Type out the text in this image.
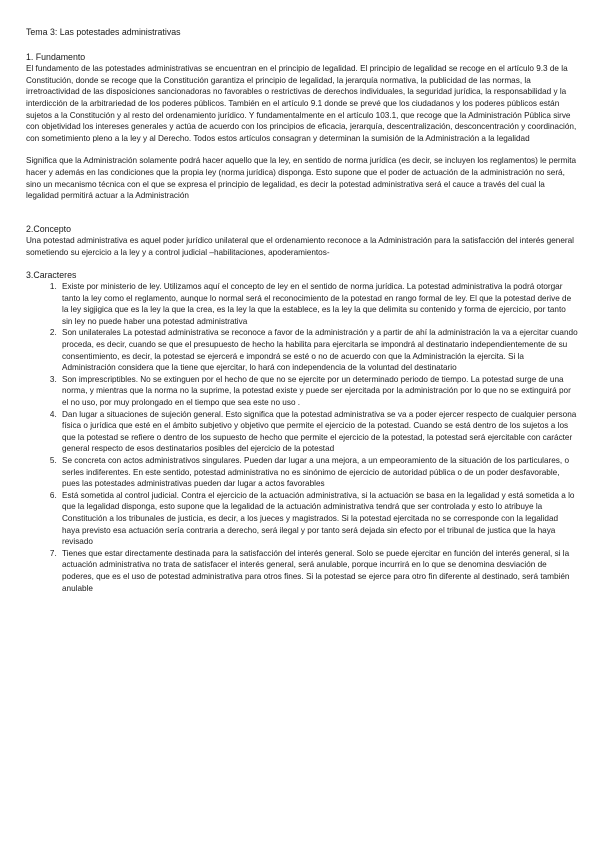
Tema 3: Las potestades administrativas

1. Fundamento

El fundamento de las potestades administrativas se encuentran en el principio de legalidad. El principio de legalidad se recoge en el artículo 9.3 de la Constitución, donde se recoge que la Constitución garantiza el principio de legalidad, la jerarquía normativa, la publicidad de las normas, la irretroactividad de las disposiciones sancionadoras no favorables o restrictivas de derechos individuales, la seguridad jurídica, la responsabilidad y la interdicción de la arbitrariedad de los poderes públicos. También en el artículo 9.1 donde se prevé que los ciudadanos y los poderes públicos están sujetos a la Constitución y al resto del ordenamiento jurídico. Y fundamentalmente en el artículo 103.1, que recoge que la Administración Pública sirve con objetividad los intereses generales y actúa de acuerdo con los principios de eficacia, jerarquía, descentralización, desconcentración y coordinación, con sometimiento pleno a la ley y al Derecho. Todos estos artículos consagran y determinan la sumisión de la Administración a la legalidad

Significa que la Administración solamente podrá hacer aquello que la ley, en sentido de norma jurídica (es decir, se incluyen los reglamentos) le permita hacer y además en las condiciones que la propia ley (norma jurídica) disponga. Esto supone que el poder de actuación de la administración no será, sino un mecanismo técnica con el que se expresa el principio de legalidad, es decir la potestad administrativa será el cauce a través del cual la legalidad permitirá actuar a la Administración

2.Concepto

Una potestad administrativa es aquel poder jurídico unilateral que el ordenamiento reconoce a la Administración para la satisfacción del interés general sometiendo su ejercicio a la ley y a control judicial –habilitaciones, apoderamientos-

3.Caracteres

1. Existe por ministerio de ley. Utilizamos aquí el concepto de ley en el sentido de norma jurídica. La potestad administrativa la podrá otorgar tanto la ley como el reglamento, aunque lo normal será el reconocimiento de la potestad en rango formal de ley. El que la potestad derive de la ley sigjigica que es la ley la que la crea, es la ley la que la establece, es la ley la que delimita su contenido y forma de ejercicio, por tanto sin ley no puede haber una potestad administrativa
2. Son unilaterales La potestad administrativa se reconoce a favor de la administración y a partir de ahí la administración la va a ejercitar cuando proceda, es decir, cuando se que el presupuesto de hecho la habilita para ejercitarla se impondrá al destinatario independientemente de su consentimiento, es decir, la potestad se ejercerá e impondrá se esté o no de acuerdo con que la Administración la ejercita. Si la Administración considera que la tiene que ejercitar, lo hará con independencia de la voluntad del destinatario
3. Son imprescriptibles. No se extinguen por el hecho de que no se ejercite por un determinado periodo de tiempo. La potestad surge de una norma, y mientras que la norma no la suprime, la potestad existe y puede ser ejercitada por la administración por lo que no se extinguirá por el no uso, por muy prolongado en el tiempo que sea este no uso .
4. Dan lugar a situaciones de sujeción general. Esto significa que la potestad administrativa se va a poder ejercer respecto de cualquier persona física o jurídica que esté en el ámbito subjetivo y objetivo que permite el ejercicio de la potestad. Cuando se está dentro de los sujetos a los que la potestad se refiere o dentro de los supuesto de hecho que permite el ejercicio de la potestad, la potestad será ejercitable con carácter general respecto de esos destinatarios posibles del ejercicio de la potestad
5. Se concreta con actos administrativos singulares. Pueden dar lugar a una mejora, a un empeoramiento de la situación de los particulares, o serles indiferentes. En este sentido, potestad administrativa no es sinónimo de ejercicio de autoridad pública o de un poder desfavorable, pues las potestades administrativas pueden dar lugar a actos favorables
6. Está sometida al control judicial. Contra el ejercicio de la actuación administrativa, si la actuación se basa en la legalidad y está sometida a lo que la legalidad disponga, esto supone que la legalidad de la actuación administrativa tendrá que ser controlada y esto lo atribuye la Constitución a los tribunales de justicia, es decir, a los jueces y magistrados. Si la potestad ejercitada no se corresponde con la legalidad haya previsto esa actuación sería contraria a derecho, será ilegal y por tanto será dejada sin efecto por el tribunal de justica que la haya revisado
7. Tienes que estar directamente destinada para la satisfacción del interés general. Solo se puede ejercitar en función del interés general, si la actuación administrativa no trata de satisfacer el interés general, será anulable, porque incurrirá en lo que se denomina desviación de poderes, que es el uso de potestad administrativa para otros fines. Si la potestad se ejerce para otro fin diferente al destinado, será también anulable
